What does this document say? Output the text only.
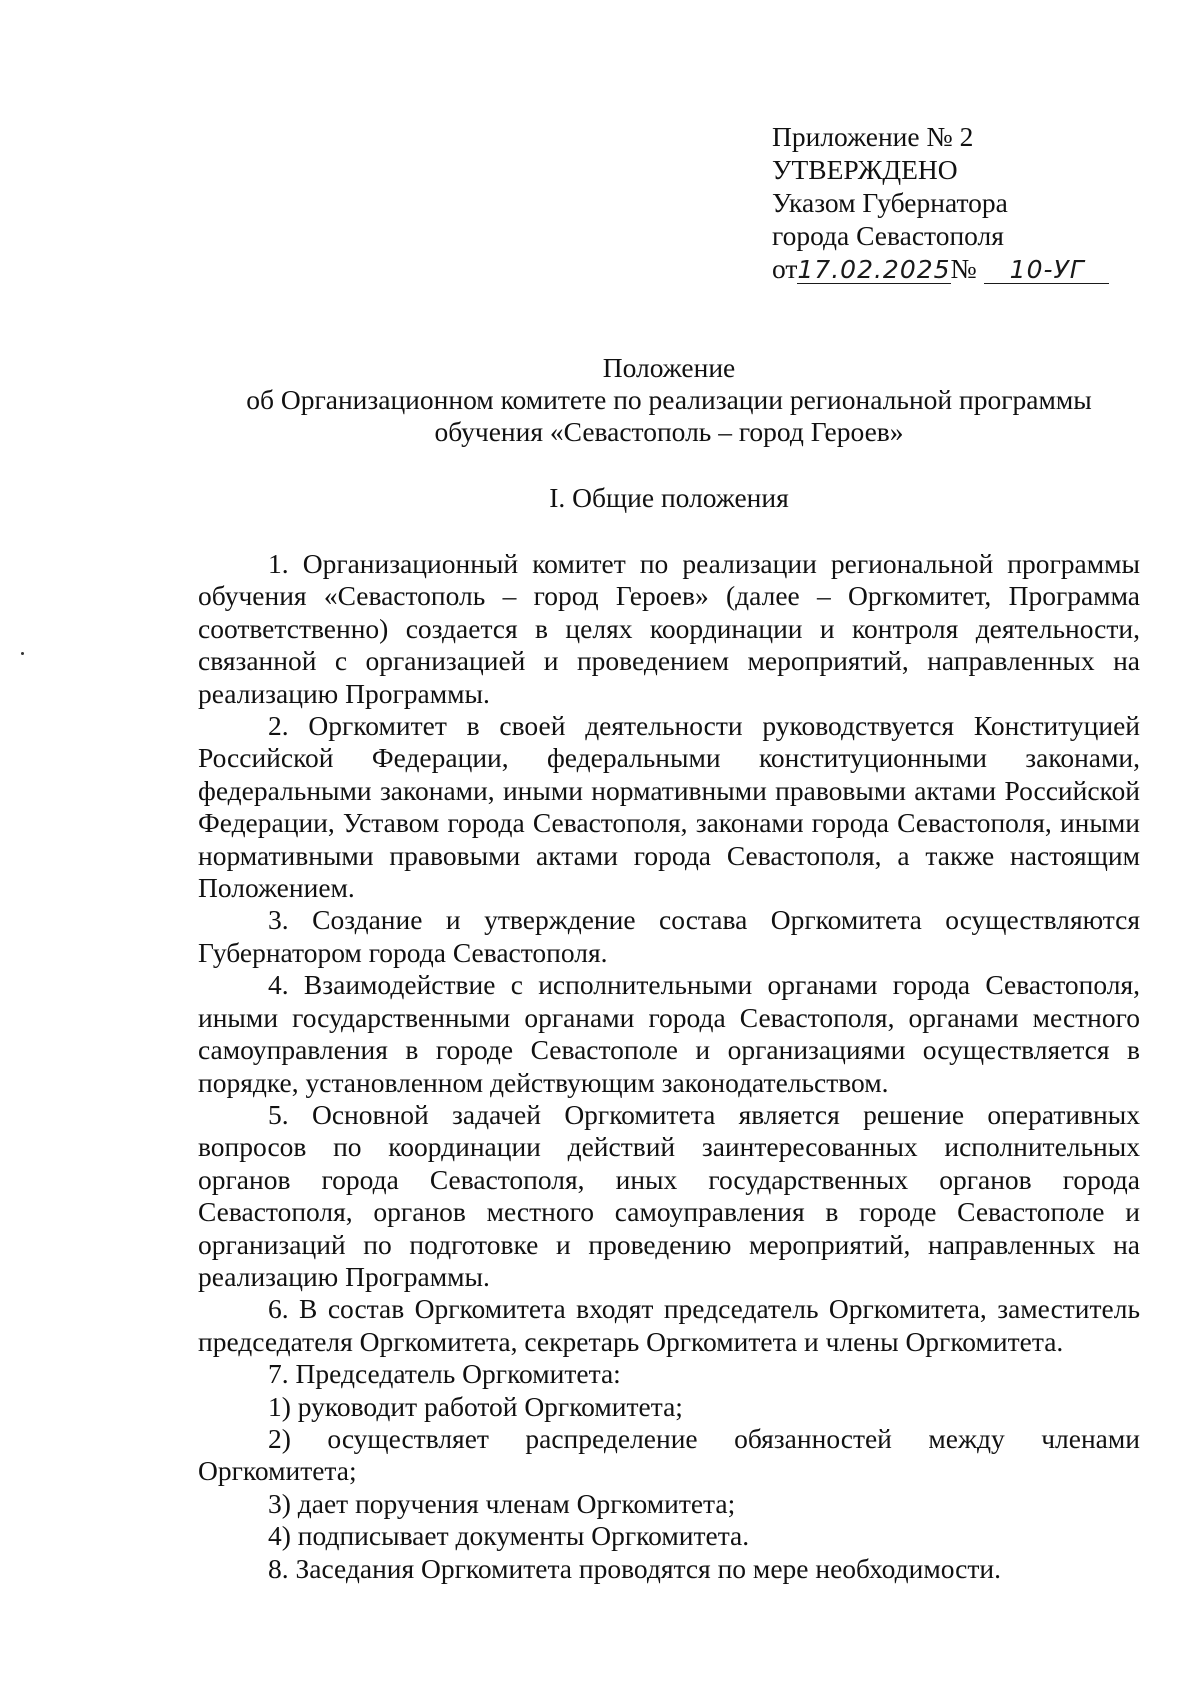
Приложение № 2
УТВЕРЖДЕНО
Указом Губернатора
города Севастополя
от17.02.2025№ 10-УГ
Положение
об Организационном комитете по реализации региональной программы
обучения «Севастополь – город Героев»
I. Общие положения

1. Организационный комитет по реализации региональной программы обучения «Севастополь – город Героев» (далее – Оргкомитет, Программа соответственно) создается в целях координации и контроля деятельности, связанной с организацией и проведением мероприятий, направленных на реализацию Программы.

2. Оргкомитет в своей деятельности руководствуется Конституцией Российской Федерации, федеральными конституционными законами, федеральными законами, иными нормативными правовыми актами Российской Федерации, Уставом города Севастополя, законами города Севастополя, иными нормативными правовыми актами города Севастополя, а также настоящим Положением.

3. Создание и утверждение состава Оргкомитета осуществляются Губернатором города Севастополя.

4. Взаимодействие с исполнительными органами города Севастополя, иными государственными органами города Севастополя, органами местного самоуправления в городе Севастополе и организациями осуществляется в порядке, установленном действующим законодательством.

5. Основной задачей Оргкомитета является решение оперативных вопросов по координации действий заинтересованных исполнительных органов города Севастополя, иных государственных органов города Севастополя, органов местного самоуправления в городе Севастополе и организаций по подготовке и проведению мероприятий, направленных на реализацию Программы.

6. В состав Оргкомитета входят председатель Оргкомитета, заместитель председателя Оргкомитета, секретарь Оргкомитета и члены Оргкомитета.

7. Председатель Оргкомитета:

1) руководит работой Оргкомитета;

2) осуществляет распределение обязанностей между членами Оргкомитета;

3) дает поручения членам Оргкомитета;

4) подписывает документы Оргкомитета.

8. Заседания Оргкомитета проводятся по мере необходимости.
